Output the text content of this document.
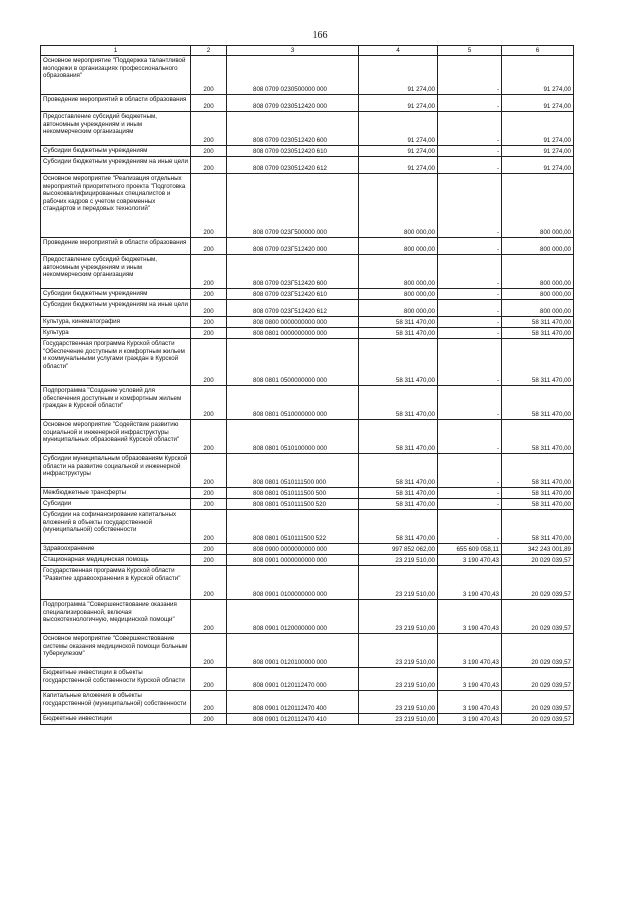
166
1	2	3	4	5	6
Основное мероприятие "Поддержка талантливой молодежи в организациях профессионального образования"	200	808 0709 0230500000 000	91 274,00	-	91 274,00
Проведение мероприятий в области образования	200	808 0709 0230512420 000	91 274,00	-	91 274,00
Предоставление субсидий бюджетным, автономным учреждениям и иным некоммерческим организациям	200	808 0709 0230512420 600	91 274,00	-	91 274,00
Субсидии бюджетным учреждениям	200	808 0709 0230512420 610	91 274,00	-	91 274,00
Субсидии бюджетным учреждениям на иные цели	200	808 0709 0230512420 612	91 274,00	-	91 274,00
Основное мероприятие "Реализация отдельных мероприятий приоритетного проекта "Подготовка высококвалифицированных специалистов и рабочих кадров с учетом современных стандартов и передовых технологий"	200	808 0709 023Г500000 000	800 000,00	-	800 000,00
Проведение мероприятий в области образования	200	808 0709 023Г512420 000	800 000,00	-	800 000,00
Предоставление субсидий бюджетным, автономным учреждениям и иным некоммерческим организациям	200	808 0709 023Г512420 600	800 000,00	-	800 000,00
Субсидии бюджетным учреждениям	200	808 0709 023Г512420 610	800 000,00	-	800 000,00
Субсидии бюджетным учреждениям на иные цели	200	808 0709 023Г512420 612	800 000,00	-	800 000,00
Культура, кинематография	200	808 0800 0000000000 000	58 311 470,00	-	58 311 470,00
Культура	200	808 0801 0000000000 000	58 311 470,00	-	58 311 470,00
Государственная программа Курской области "Обеспечение доступным и комфортным жильем и коммунальными услугами граждан в Курской области"	200	808 0801 0500000000 000	58 311 470,00	-	58 311 470,00
Подпрограмма "Создание условий для обеспечения доступным и комфортным жильем граждан в Курской области"	200	808 0801 0510000000 000	58 311 470,00	-	58 311 470,00
Основное мероприятие "Содействие развитию социальной и инженерной инфраструктуры муниципальных образований Курской области"	200	808 0801 0510100000 000	58 311 470,00	-	58 311 470,00
Субсидии муниципальным образованиям Курской области на развитие социальной и инженерной инфраструктуры	200	808 0801 0510111500 000	58 311 470,00	-	58 311 470,00
Межбюджетные трансферты	200	808 0801 0510111500 500	58 311 470,00	-	58 311 470,00
Субсидии	200	808 0801 0510111500 520	58 311 470,00	-	58 311 470,00
Субсидии на софинансирование капитальных вложений в объекты государственной (муниципальной) собственности	200	808 0801 0510111500 522	58 311 470,00	-	58 311 470,00
Здравоохранение	200	808 0900 0000000000 000	997 852 062,00	655 609 058,11	342 243 001,89
Стационарная медицинская помощь	200	808 0901 0000000000 000	23 219 510,00	3 190 470,43	20 029 039,57
Государственная программа Курской области "Развитие здравоохранения в Курской области"	200	808 0901 0100000000 000	23 219 510,00	3 190 470,43	20 029 039,57
Подпрограмма "Совершенствование оказания специализированной, включая высокотехнологичную, медицинской помощи"	200	808 0901 0120000000 000	23 219 510,00	3 190 470,43	20 029 039,57
Основное мероприятие "Совершенствование системы оказания медицинской помощи больным туберкулезом"	200	808 0901 0120100000 000	23 219 510,00	3 190 470,43	20 029 039,57
Бюджетные инвестиции в объекты государственной собственности Курской области	200	808 0901 0120112470 000	23 219 510,00	3 190 470,43	20 029 039,57
Капитальные вложения в объекты государственной (муниципальной) собственности	200	808 0901 0120112470 400	23 219 510,00	3 190 470,43	20 029 039,57
Бюджетные инвестиции	200	808 0901 0120112470 410	23 219 510,00	3 190 470,43	20 029 039,57
